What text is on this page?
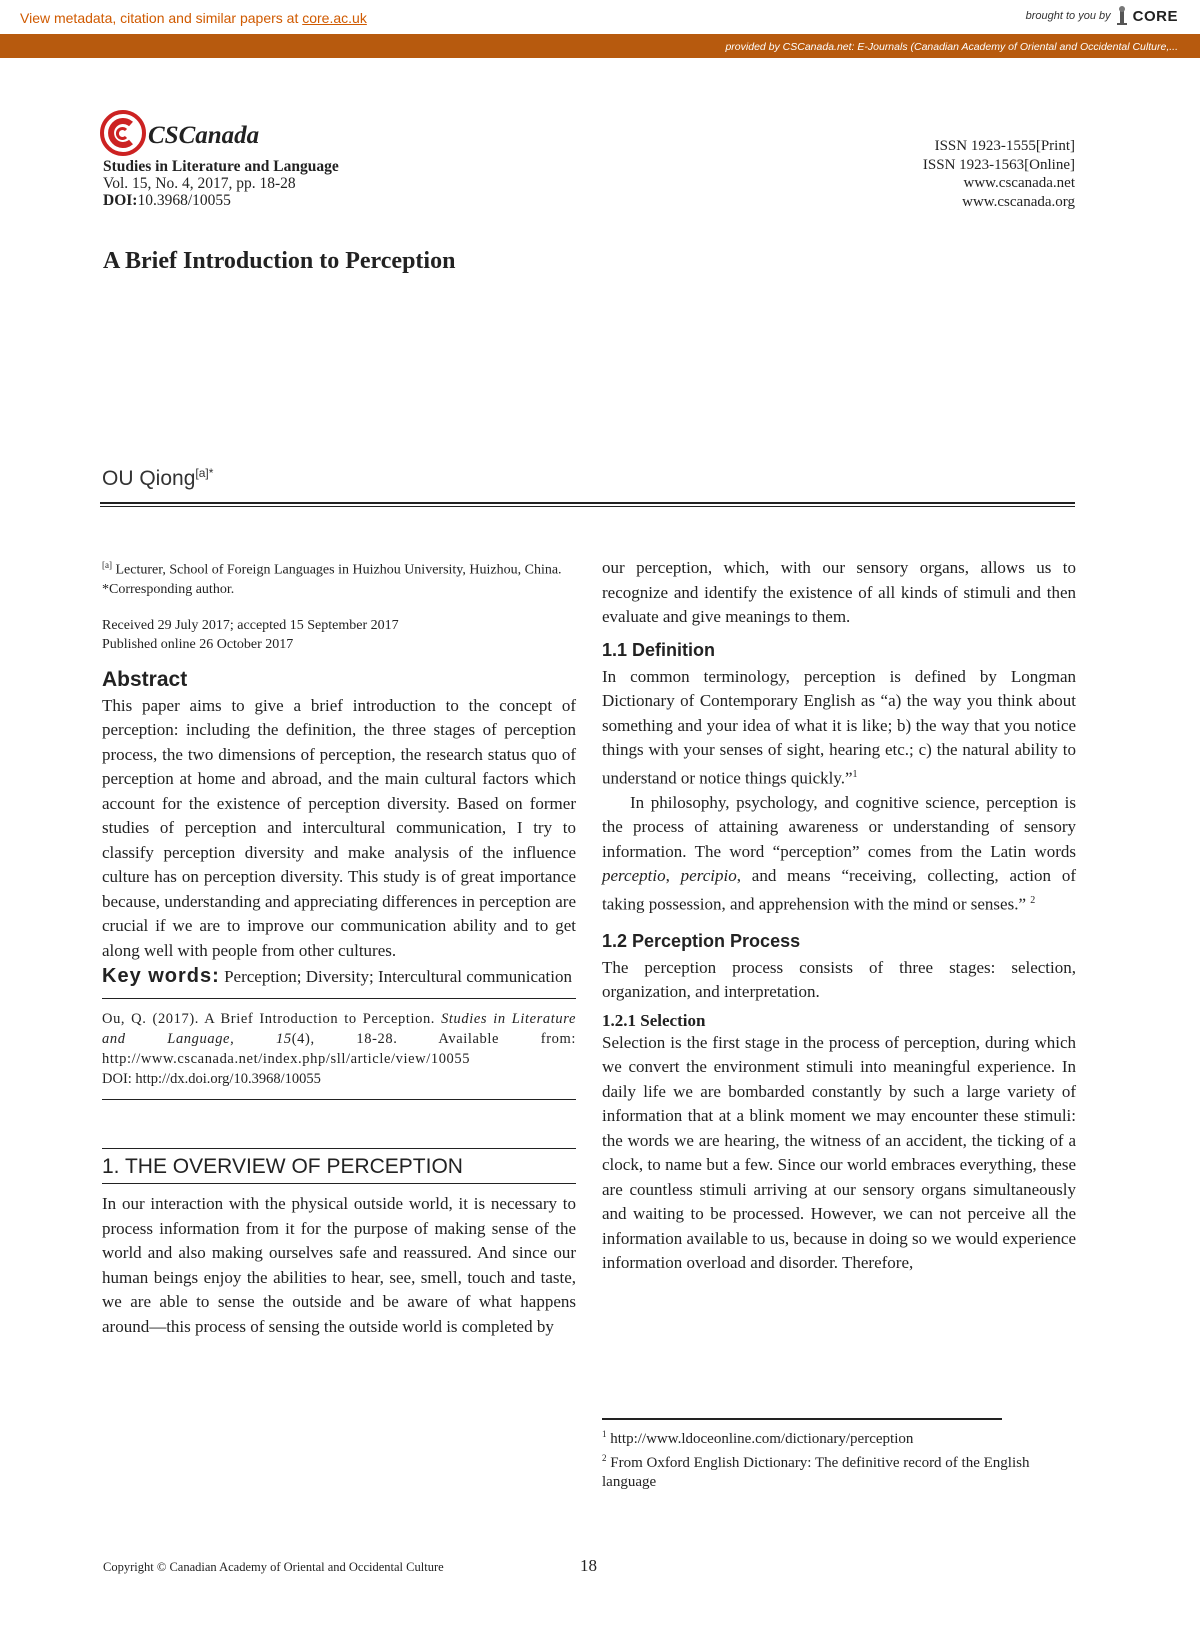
View metadata, citation and similar papers at core.ac.uk	brought to you by CORE
provided by CSCanada.net: E-Journals (Canadian Academy of Oriental and Occidental Culture,...
CSCanada
Studies in Literature and Language
Vol. 15, No. 4, 2017, pp. 18-28
DOI:10.3968/10055
ISSN 1923-1555[Print]
ISSN 1923-1563[Online]
www.cscanada.net
www.cscanada.org
A Brief Introduction to Perception
OU Qiong$^{[a]*}$
[a] Lecturer, School of Foreign Languages in Huizhou University, Huizhou, China.
*Corresponding author.
Received 29 July 2017; accepted 15 September 2017
Published online 26 October 2017
Abstract

This paper aims to give a brief introduction to the concept of perception: including the definition, the three stages of perception process, the two dimensions of perception, the research status quo of perception at home and abroad, and the main cultural factors which account for the existence of perception diversity. Based on former studies of perception and intercultural communication, I try to classify perception diversity and make analysis of the influence culture has on perception diversity. This study is of great importance because, understanding and appreciating differences in perception are crucial if we are to improve our communication ability and to get along well with people from other cultures.

Key words: Perception; Diversity; Intercultural communication

Ou, Q. (2017). A Brief Introduction to Perception. Studies in Literature and Language, 15(4), 18-28. Available from: http://www.cscanada.net/index.php/sll/article/view/10055
DOI: http://dx.doi.org/10.3968/10055
1. THE OVERVIEW OF PERCEPTION

In our interaction with the physical outside world, it is necessary to process information from it for the purpose of making sense of the world and also making ourselves safe and reassured. And since our human beings enjoy the abilities to hear, see, smell, touch and taste, we are able to sense the outside and be aware of what happens around—this process of sensing the outside world is completed by

our perception, which, with our sensory organs, allows us to recognize and identify the existence of all kinds of stimuli and then evaluate and give meanings to them.

1.1 Definition

In common terminology, perception is defined by Longman Dictionary of Contemporary English as “a) the way you think about something and your idea of what it is like; b) the way that you notice things with your senses of sight, hearing etc.; c) the natural ability to understand or notice things quickly.”$^1$

In philosophy, psychology, and cognitive science, perception is the process of attaining awareness or understanding of sensory information. The word “perception” comes from the Latin words perceptio, percipio, and means “receiving, collecting, action of taking possession, and apprehension with the mind or senses.” $^2$

1.2 Perception Process

The perception process consists of three stages: selection, organization, and interpretation.

1.2.1 Selection

Selection is the first stage in the process of perception, during which we convert the environment stimuli into meaningful experience. In daily life we are bombarded constantly by such a large variety of information that at a blink moment we may encounter these stimuli: the words we are hearing, the witness of an accident, the ticking of a clock, to name but a few. Since our world embraces everything, these are countless stimuli arriving at our sensory organs simultaneously and waiting to be processed. However, we can not perceive all the information available to us, because in doing so we would experience information overload and disorder. Therefore,

$^1$ http://www.ldoceonline.com/dictionary/perception
$^2$ From Oxford English Dictionary: The definitive record of the English language
Copyright © Canadian Academy of Oriental and Occidental Culture	18
